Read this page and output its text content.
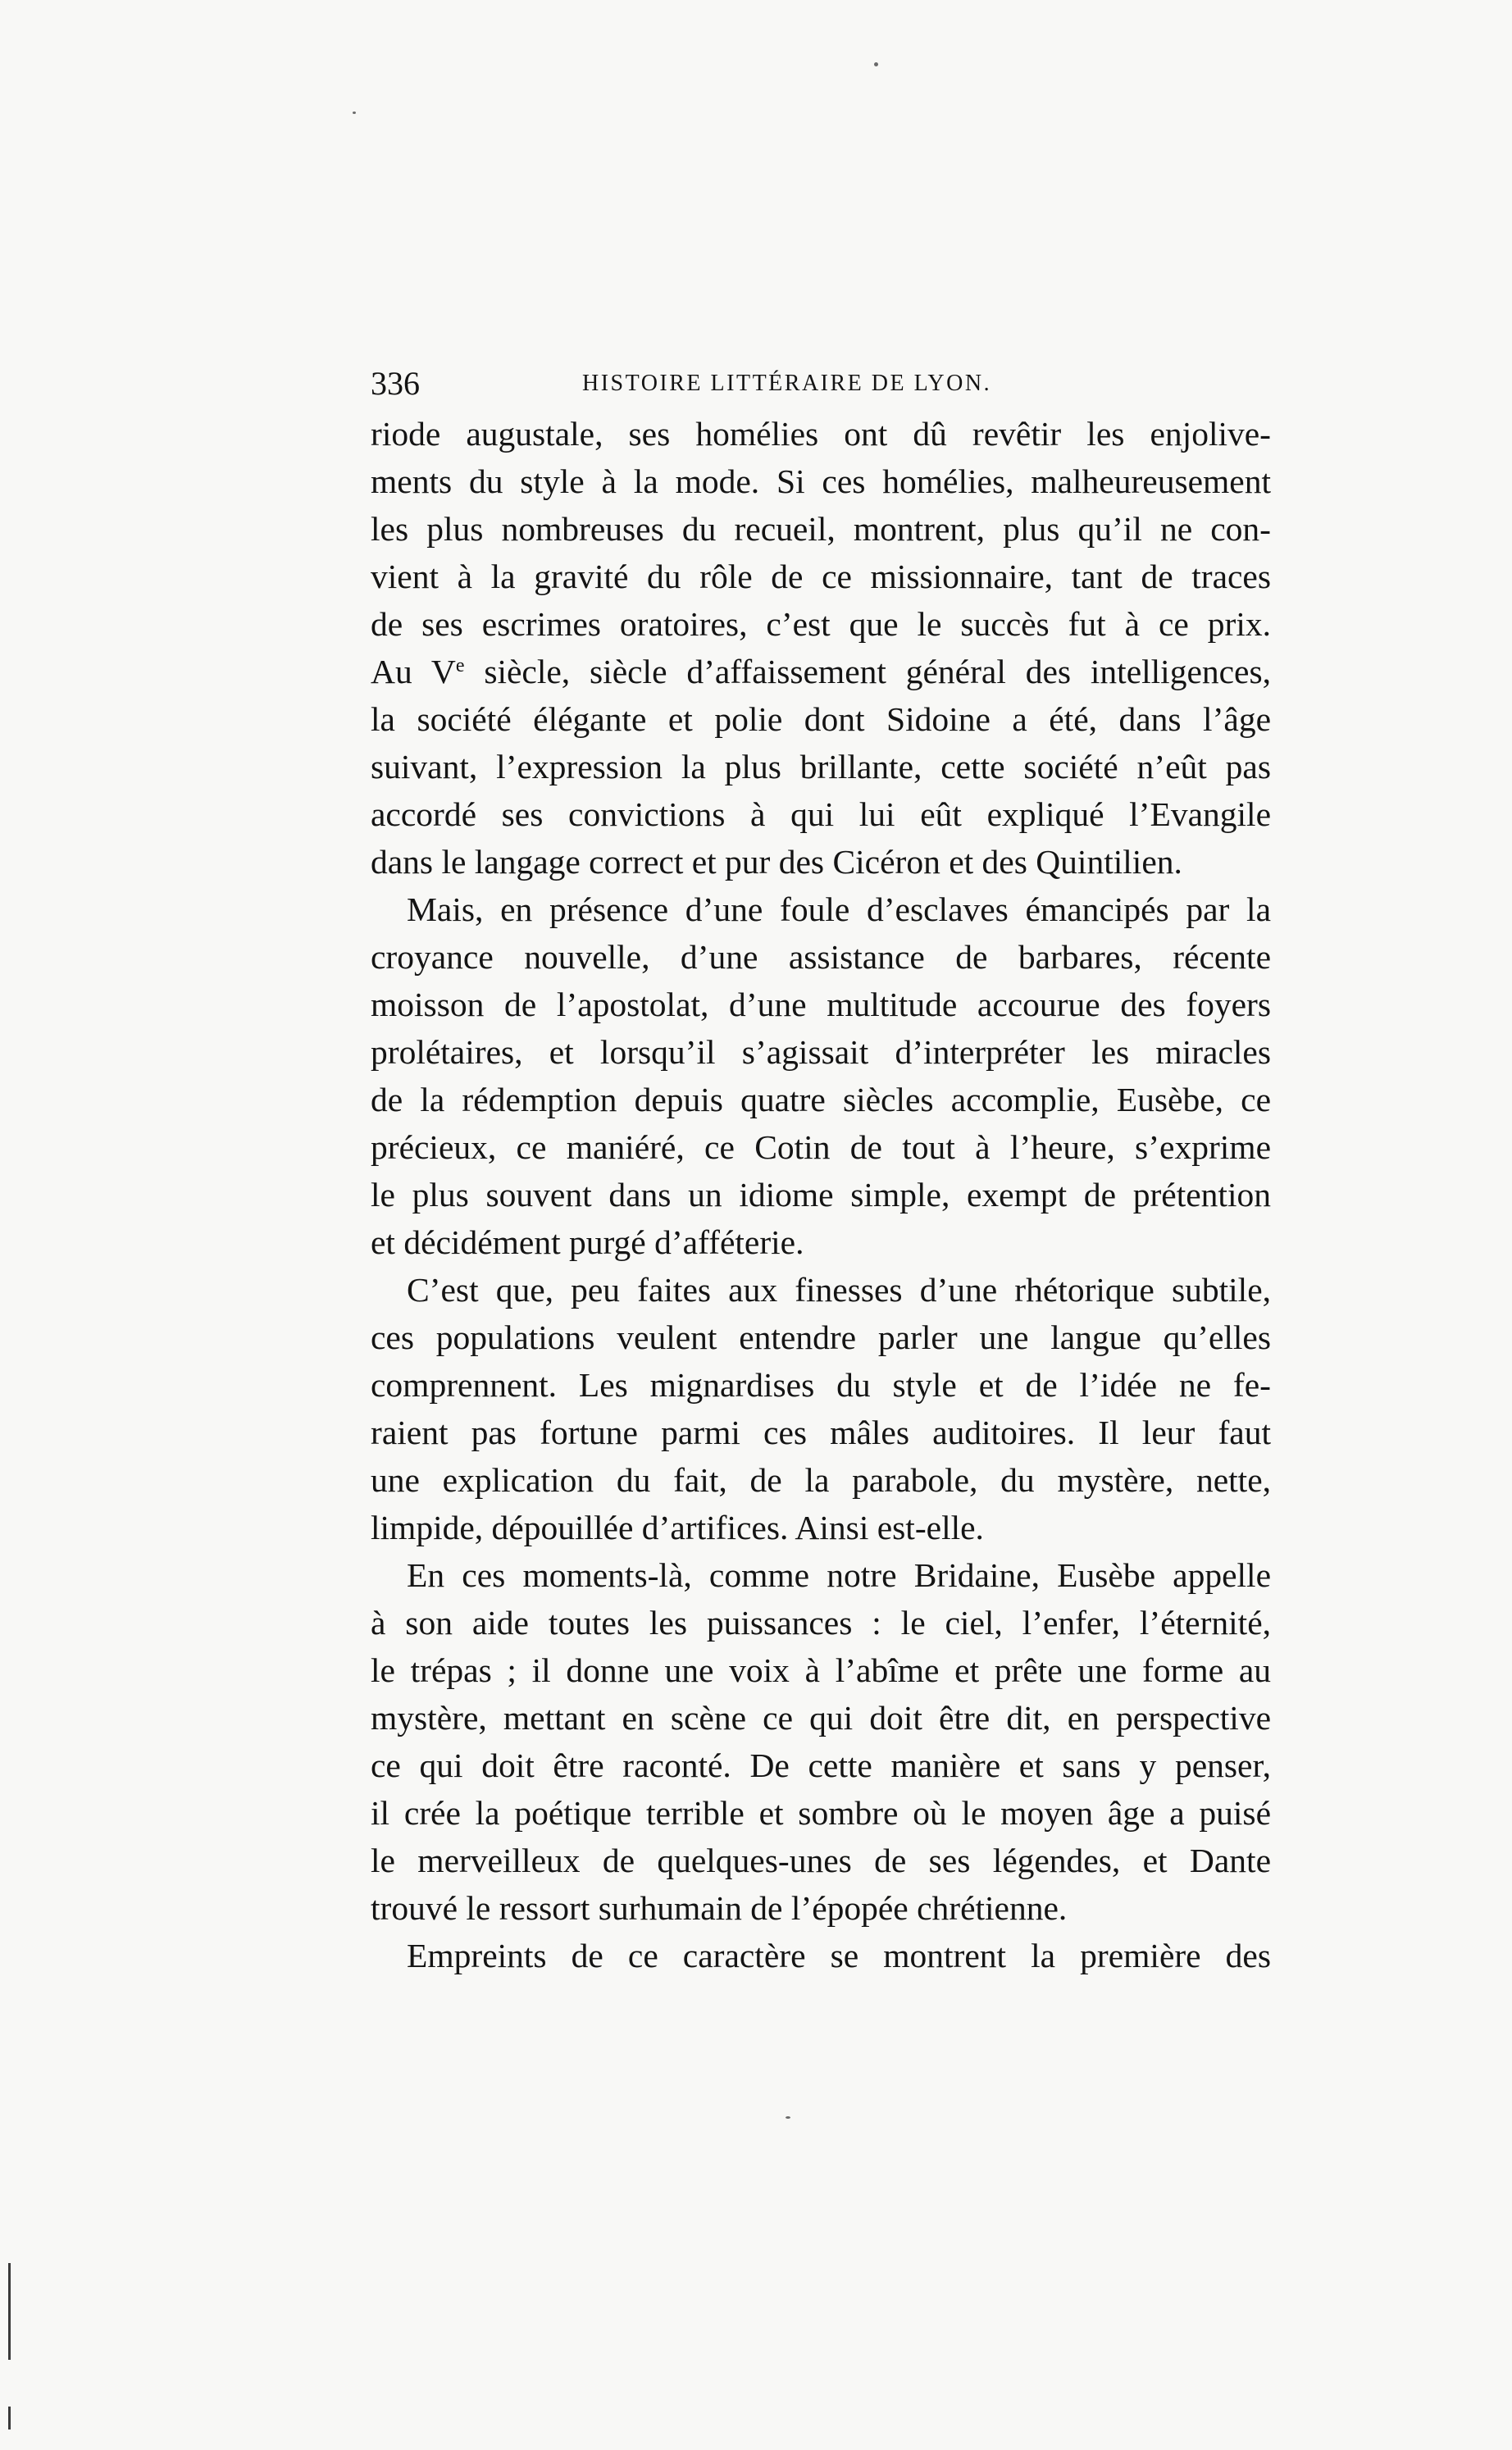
336	HISTOIRE LITTÉRAIRE DE LYON.
riode augustale, ses homélies ont dû revêtir les enjolive-
ments du style à la mode. Si ces homélies, malheureusement
les plus nombreuses du recueil, montrent, plus qu’il ne con-
vient à la gravité du rôle de ce missionnaire, tant de traces
de ses escrimes oratoires, c’est que le succès fut à ce prix.
Au Ve siècle, siècle d’affaissement général des intelligences,
la société élégante et polie dont Sidoine a été, dans l’âge
suivant, l’expression la plus brillante, cette société n’eût pas
accordé ses convictions à qui lui eût expliqué l’Evangile
dans le langage correct et pur des Cicéron et des Quintilien.
Mais, en présence d’une foule d’esclaves émancipés par la
croyance nouvelle, d’une assistance de barbares, récente
moisson de l’apostolat, d’une multitude accourue des foyers
prolétaires, et lorsqu’il s’agissait d’interpréter les miracles
de la rédemption depuis quatre siècles accomplie, Eusèbe, ce
précieux, ce maniéré, ce Cotin de tout à l’heure, s’exprime
le plus souvent dans un idiome simple, exempt de prétention
et décidément purgé d’afféterie.
C’est que, peu faites aux finesses d’une rhétorique subtile,
ces populations veulent entendre parler une langue qu’elles
comprennent. Les mignardises du style et de l’idée ne fe-
raient pas fortune parmi ces mâles auditoires. Il leur faut
une explication du fait, de la parabole, du mystère, nette,
limpide, dépouillée d’artifices. Ainsi est-elle.
En ces moments-là, comme notre Bridaine, Eusèbe appelle
à son aide toutes les puissances : le ciel, l’enfer, l’éternité,
le trépas ; il donne une voix à l’abîme et prête une forme au
mystère, mettant en scène ce qui doit être dit, en perspective
ce qui doit être raconté. De cette manière et sans y penser,
il crée la poétique terrible et sombre où le moyen âge a puisé
le merveilleux de quelques-unes de ses légendes, et Dante
trouvé le ressort surhumain de l’épopée chrétienne.
Empreints de ce caractère se montrent la première des
